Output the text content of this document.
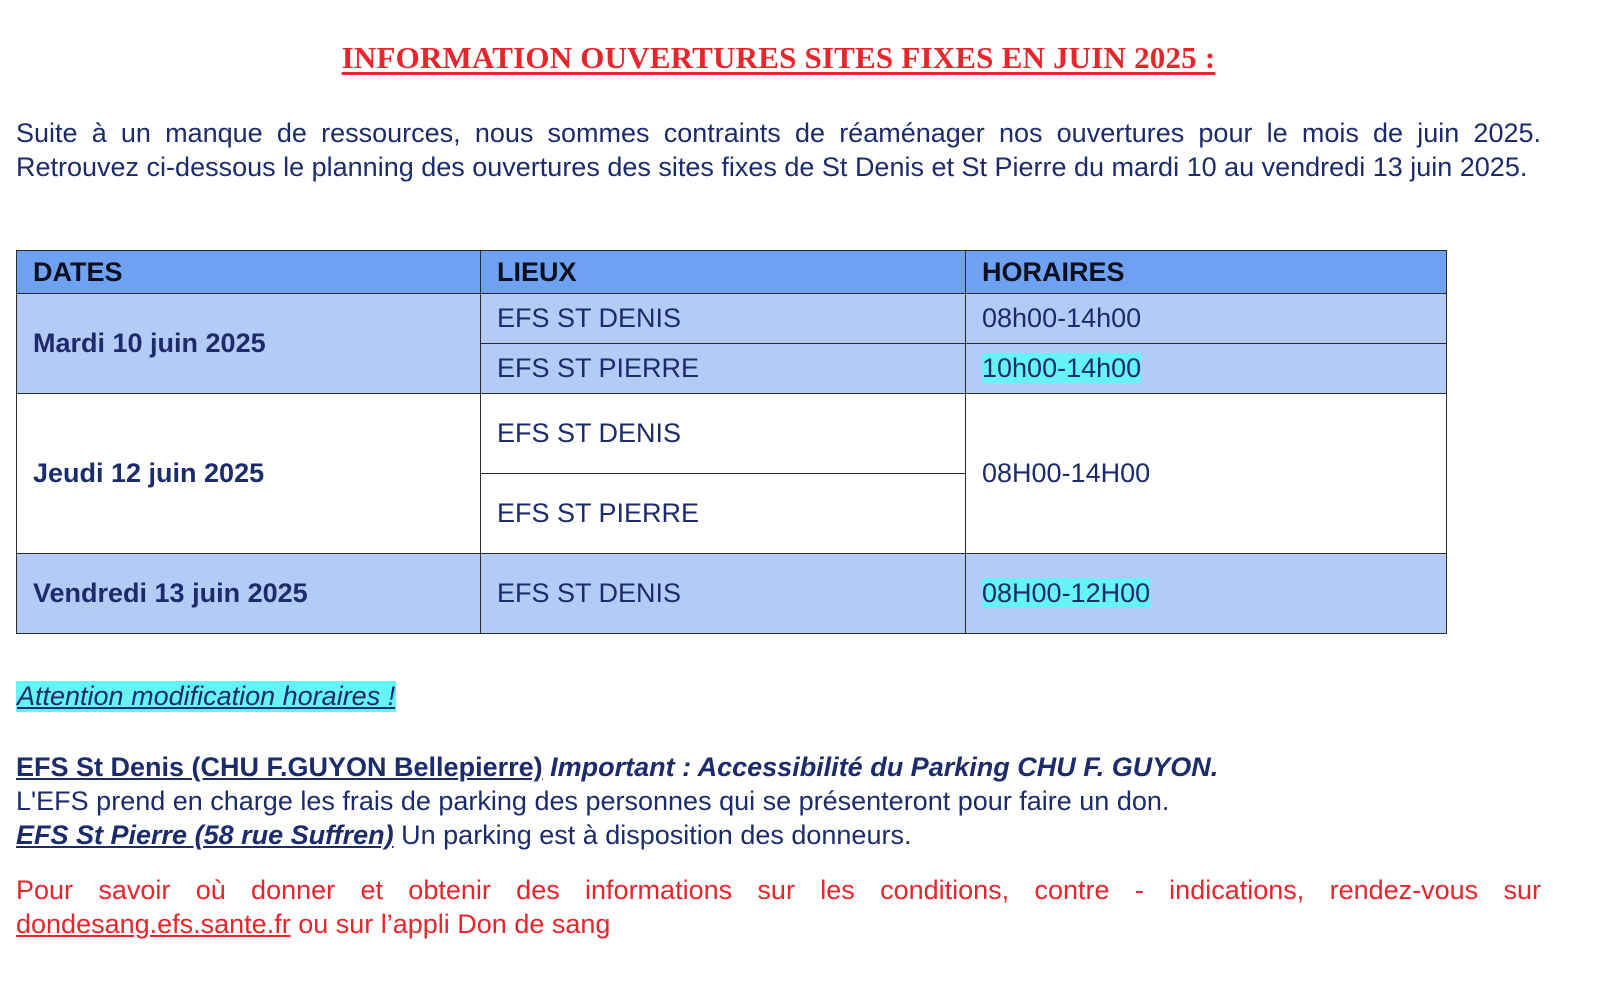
INFORMATION OUVERTURES SITES FIXES EN JUIN 2025 :
Suite à un manque de ressources, nous sommes contraints de réaménager nos ouvertures pour le mois de juin 2025. Retrouvez ci-dessous le planning des ouvertures des sites fixes de St Denis et St Pierre du mardi 10 au vendredi 13 juin 2025.
DATES	LIEUX	HORAIRES
Mardi 10 juin 2025	EFS ST DENIS	08h00-14h00
	EFS ST PIERRE	10h00-14h00
Jeudi 12 juin 2025	EFS ST DENIS	08H00-14H00
	EFS ST PIERRE	
Vendredi 13 juin 2025	EFS ST DENIS	08H00-12H00
Attention modification horaires !
EFS St Denis (CHU F.GUYON Bellepierre) Important : Accessibilité du Parking CHU F. GUYON.
L'EFS prend en charge les frais de parking des personnes qui se présenteront pour faire un don.
EFS St Pierre (58 rue Suffren) Un parking est à disposition des donneurs.
Pour savoir où donner et obtenir des informations sur les conditions, contre - indications, rendez-vous sur dondesang.efs.sante.fr ou sur l’appli Don de sang
